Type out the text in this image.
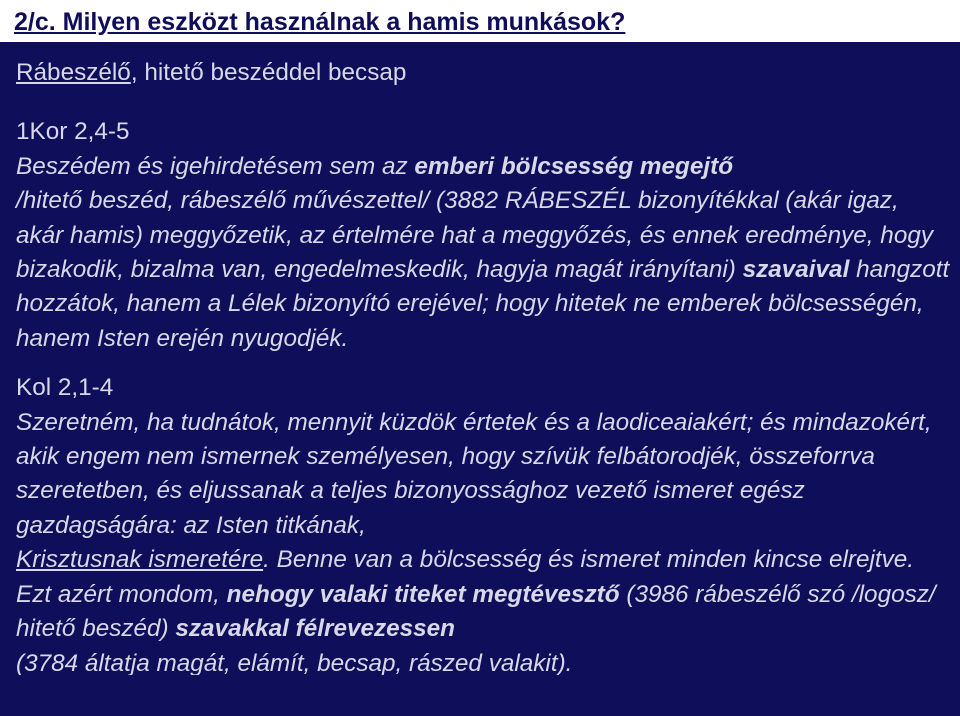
2/c. Milyen eszközt használnak a hamis munkások?

Rábeszélő, hitető beszéddel becsap

1Kor 2,4-5

Beszédem és igehirdetésem sem az emberi bölcsesség megejtő
/hitető beszéd, rábeszélő művészettel/ (3882 RÁBESZÉL bizonyítékkal (akár igaz, akár hamis) meggyőzetik, az értelmére hat a meggyőzés, és ennek eredménye, hogy bizakodik, bizalma van, engedelmeskedik, hagyja magát irányítani) szavaival hangzott hozzátok, hanem a Lélek bizonyító erejével; hogy hitetek ne emberek bölcsességén, hanem Isten erején nyugodjék.

Kol 2,1-4

Szeretném, ha tudnátok, mennyit küzdök értetek és a laodiceaiakért; és mindazokért, akik engem nem ismernek személyesen, hogy szívük felbátorodjék, összeforrva szeretetben, és eljussanak a teljes bizonyossághoz vezető ismeret egész gazdagságára: az Isten titkának,
Krisztusnak ismeretére. Benne van a bölcsesség és ismeret minden kincse elrejtve. Ezt azért mondom, nehogy valaki titeket megtévesztő (3986 rábeszélő szó /logosz/ hitető beszéd) szavakkal félrevezessen

(3784 áltatja magát, elámít, becsap, rászed valakit).
